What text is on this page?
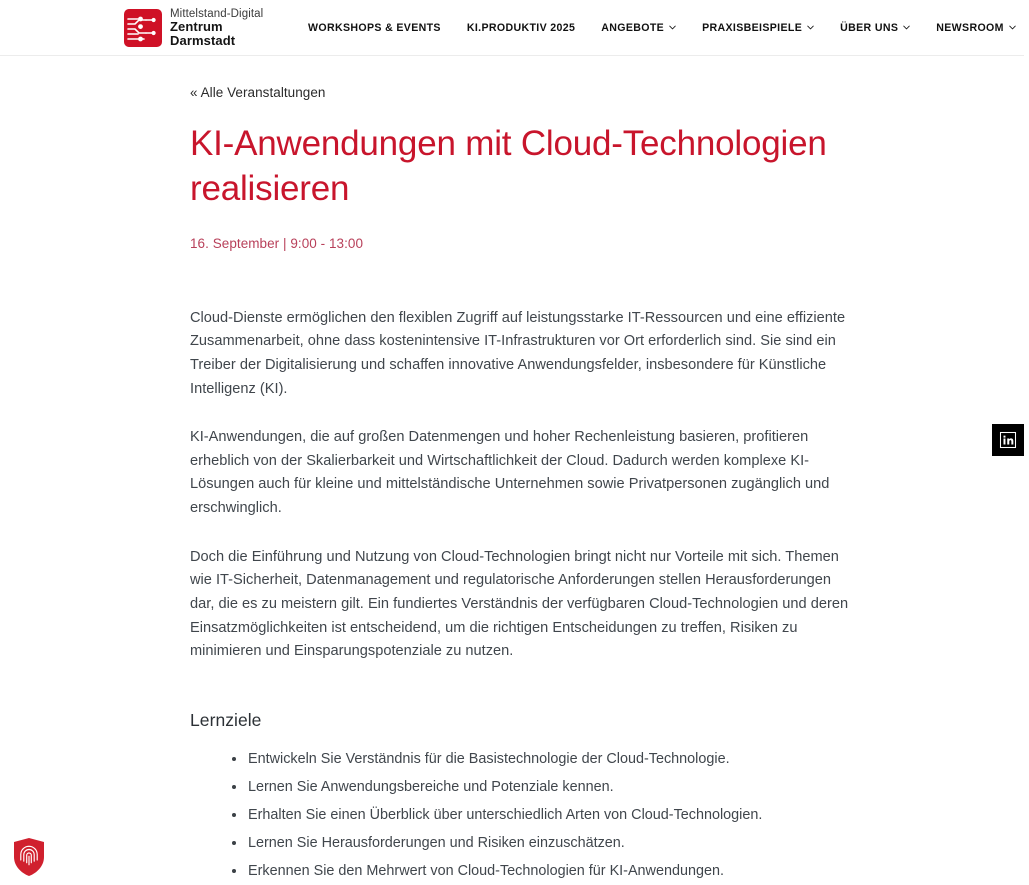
Mittelstand-Digital
Zentrum
Darmstadt
WORKSHOPS & EVENTS KI.PRODUKTIV 2025 ANGEBOTE	PRAXISBEISPIELE	ÜBER UNS	NEWSROOM
« Alle Veranstaltungen
KI-Anwendungen mit Cloud-Technologien realisieren
16. September | 9:00 - 13:00

Cloud-Dienste ermöglichen den flexiblen Zugriff auf leistungsstarke IT-Ressourcen und eine effiziente Zusammenarbeit, ohne dass kostenintensive IT-Infrastrukturen vor Ort erforderlich sind. Sie sind ein Treiber der Digitalisierung und schaffen innovative Anwendungsfelder, insbesondere für Künstliche Intelligenz (KI).

KI-Anwendungen, die auf großen Datenmengen und hoher Rechenleistung basieren, profitieren erheblich von der Skalierbarkeit und Wirtschaftlichkeit der Cloud. Dadurch werden komplexe KI-Lösungen auch für kleine und mittelständische Unternehmen sowie Privatpersonen zugänglich und erschwinglich.

Doch die Einführung und Nutzung von Cloud-Technologien bringt nicht nur Vorteile mit sich. Themen wie IT-Sicherheit, Datenmanagement und regulatorische Anforderungen stellen Herausforderungen dar, die es zu meistern gilt. Ein fundiertes Verständnis der verfügbaren Cloud-Technologien und deren Einsatzmöglichkeiten ist entscheidend, um die richtigen Entscheidungen zu treffen, Risiken zu minimieren und Einsparungspotenziale zu nutzen.

Lernziele
Entwickeln Sie Verständnis für die Basistechnologie der Cloud-Technologie.
Lernen Sie Anwendungsbereiche und Potenziale kennen.
Erhalten Sie einen Überblick über unterschiedlich Arten von Cloud-Technologien.
Lernen Sie Herausforderungen und Risiken einzuschätzen.
Erkennen Sie den Mehrwert von Cloud-Technologien für KI-Anwendungen.
